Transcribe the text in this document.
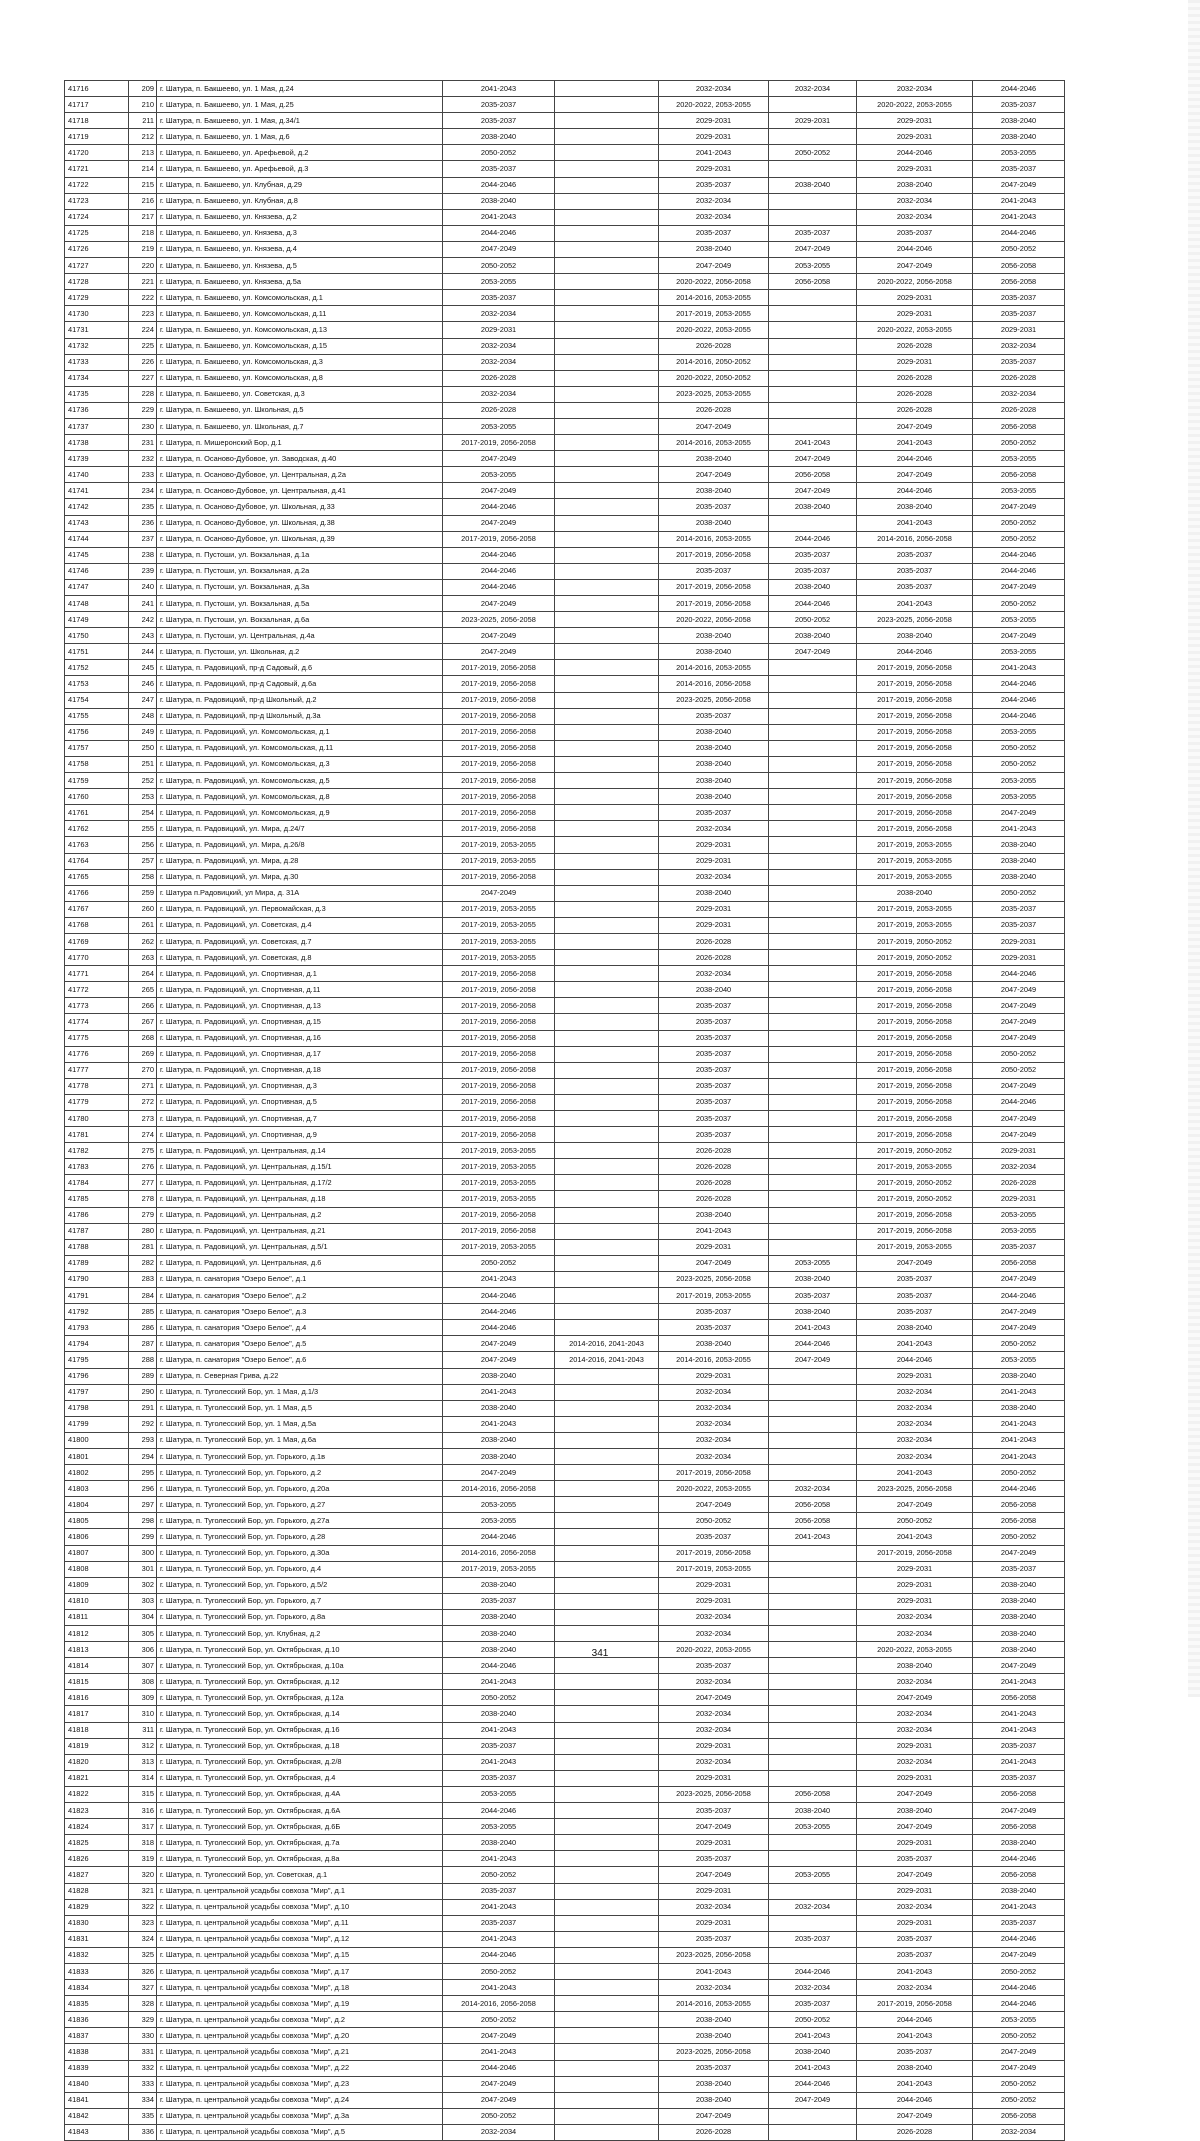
41716	209	г. Шатура, п. Бакшеево, ул. 1 Мая, д.24	2041-2043		2032-2034	2032-2034	2032-2034	2044-2046
41717	210	г. Шатура, п. Бакшеево, ул. 1 Мая, д.25	2035-2037		2020-2022, 2053-2055		2020-2022, 2053-2055	2035-2037
41718	211	г. Шатура, п. Бакшеево, ул. 1 Мая, д.34/1	2035-2037		2029-2031	2029-2031	2029-2031	2038-2040
41719	212	г. Шатура, п. Бакшеево, ул. 1 Мая, д.6	2038-2040		2029-2031		2029-2031	2038-2040
41720	213	г. Шатура, п. Бакшеево, ул. Арефьевой, д.2	2050-2052		2041-2043	2050-2052	2044-2046	2053-2055
41721	214	г. Шатура, п. Бакшеево, ул. Арефьевой, д.3	2035-2037		2029-2031		2029-2031	2035-2037
41722	215	г. Шатура, п. Бакшеево, ул. Клубная, д.29	2044-2046		2035-2037	2038-2040	2038-2040	2047-2049
41723	216	г. Шатура, п. Бакшеево, ул. Клубная, д.8	2038-2040		2032-2034		2032-2034	2041-2043
41724	217	г. Шатура, п. Бакшеево, ул. Князева, д.2	2041-2043		2032-2034		2032-2034	2041-2043
41725	218	г. Шатура, п. Бакшеево, ул. Князева, д.3	2044-2046		2035-2037	2035-2037	2035-2037	2044-2046
41726	219	г. Шатура, п. Бакшеево, ул. Князева, д.4	2047-2049		2038-2040	2047-2049	2044-2046	2050-2052
41727	220	г. Шатура, п. Бакшеево, ул. Князева, д.5	2050-2052		2047-2049	2053-2055	2047-2049	2056-2058
41728	221	г. Шатура, п. Бакшеево, ул. Князева, д.5а	2053-2055		2020-2022, 2056-2058	2056-2058	2020-2022, 2056-2058	2056-2058
41729	222	г. Шатура, п. Бакшеево, ул. Комсомольская, д.1	2035-2037		2014-2016, 2053-2055		2029-2031	2035-2037
41730	223	г. Шатура, п. Бакшеево, ул. Комсомольская, д.11	2032-2034		2017-2019, 2053-2055		2029-2031	2035-2037
41731	224	г. Шатура, п. Бакшеево, ул. Комсомольская, д.13	2029-2031		2020-2022, 2053-2055		2020-2022, 2053-2055	2029-2031
41732	225	г. Шатура, п. Бакшеево, ул. Комсомольская, д.15	2032-2034		2026-2028		2026-2028	2032-2034
41733	226	г. Шатура, п. Бакшеево, ул. Комсомольская, д.3	2032-2034		2014-2016, 2050-2052		2029-2031	2035-2037
41734	227	г. Шатура, п. Бакшеево, ул. Комсомольская, д.8	2026-2028		2020-2022, 2050-2052		2026-2028	2026-2028
41735	228	г. Шатура, п. Бакшеево, ул. Советская, д.3	2032-2034		2023-2025, 2053-2055		2026-2028	2032-2034
41736	229	г. Шатура, п. Бакшеево, ул. Школьная, д.5	2026-2028		2026-2028		2026-2028	2026-2028
41737	230	г. Шатура, п. Бакшеево, ул. Школьная, д.7	2053-2055		2047-2049		2047-2049	2056-2058
41738	231	г. Шатура, п. Мишеронский Бор, д.1	2017-2019, 2056-2058		2014-2016, 2053-2055	2041-2043	2041-2043	2050-2052
41739	232	г. Шатура, п. Осаново-Дубовое, ул. Заводская, д.40	2047-2049		2038-2040	2047-2049	2044-2046	2053-2055
41740	233	г. Шатура, п. Осаново-Дубовое, ул. Центральная, д.2а	2053-2055		2047-2049	2056-2058	2047-2049	2056-2058
41741	234	г. Шатура, п. Осаново-Дубовое, ул. Центральная, д.41	2047-2049		2038-2040	2047-2049	2044-2046	2053-2055
41742	235	г. Шатура, п. Осаново-Дубовое, ул. Школьная, д.33	2044-2046		2035-2037	2038-2040	2038-2040	2047-2049
41743	236	г. Шатура, п. Осаново-Дубовое, ул. Школьная, д.38	2047-2049		2038-2040		2041-2043	2050-2052
41744	237	г. Шатура, п. Осаново-Дубовое, ул. Школьная, д.39	2017-2019, 2056-2058		2014-2016, 2053-2055	2044-2046	2014-2016, 2056-2058	2050-2052
41745	238	г. Шатура, п. Пустоши, ул. Вокзальная, д.1а	2044-2046		2017-2019, 2056-2058	2035-2037	2035-2037	2044-2046
41746	239	г. Шатура, п. Пустоши, ул. Вокзальная, д.2а	2044-2046		2035-2037	2035-2037	2035-2037	2044-2046
41747	240	г. Шатура, п. Пустоши, ул. Вокзальная, д.3а	2044-2046		2017-2019, 2056-2058	2038-2040	2035-2037	2047-2049
41748	241	г. Шатура, п. Пустоши, ул. Вокзальная, д.5а	2047-2049		2017-2019, 2056-2058	2044-2046	2041-2043	2050-2052
41749	242	г. Шатура, п. Пустоши, ул. Вокзальная, д.6а	2023-2025, 2056-2058		2020-2022, 2056-2058	2050-2052	2023-2025, 2056-2058	2053-2055
41750	243	г. Шатура, п. Пустоши, ул. Центральная, д.4а	2047-2049		2038-2040	2038-2040	2038-2040	2047-2049
41751	244	г. Шатура, п. Пустоши, ул. Школьная, д.2	2047-2049		2038-2040	2047-2049	2044-2046	2053-2055
41752	245	г. Шатура, п. Радовицкий, пр-д Садовый, д.6	2017-2019, 2056-2058		2014-2016, 2053-2055		2017-2019, 2056-2058	2041-2043
41753	246	г. Шатура, п. Радовицкий, пр-д Садовый, д.6а	2017-2019, 2056-2058		2014-2016, 2056-2058		2017-2019, 2056-2058	2044-2046
41754	247	г. Шатура, п. Радовицкий, пр-д Школьный, д.2	2017-2019, 2056-2058		2023-2025, 2056-2058		2017-2019, 2056-2058	2044-2046
41755	248	г. Шатура, п. Радовицкий, пр-д Школьный, д.3а	2017-2019, 2056-2058		2035-2037		2017-2019, 2056-2058	2044-2046
41756	249	г. Шатура, п. Радовицкий, ул. Комсомольская, д.1	2017-2019, 2056-2058		2038-2040		2017-2019, 2056-2058	2053-2055
41757	250	г. Шатура, п. Радовицкий, ул. Комсомольская, д.11	2017-2019, 2056-2058		2038-2040		2017-2019, 2056-2058	2050-2052
41758	251	г. Шатура, п. Радовицкий, ул. Комсомольская, д.3	2017-2019, 2056-2058		2038-2040		2017-2019, 2056-2058	2050-2052
41759	252	г. Шатура, п. Радовицкий, ул. Комсомольская, д.5	2017-2019, 2056-2058		2038-2040		2017-2019, 2056-2058	2053-2055
41760	253	г. Шатура, п. Радовицкий, ул. Комсомольская, д.8	2017-2019, 2056-2058		2038-2040		2017-2019, 2056-2058	2053-2055
41761	254	г. Шатура, п. Радовицкий, ул. Комсомольская, д.9	2017-2019, 2056-2058		2035-2037		2017-2019, 2056-2058	2047-2049
41762	255	г. Шатура, п. Радовицкий, ул. Мира, д.24/7	2017-2019, 2056-2058		2032-2034		2017-2019, 2056-2058	2041-2043
41763	256	г. Шатура, п. Радовицкий, ул. Мира, д.26/8	2017-2019, 2053-2055		2029-2031		2017-2019, 2053-2055	2038-2040
41764	257	г. Шатура, п. Радовицкий, ул. Мира, д.28	2017-2019, 2053-2055		2029-2031		2017-2019, 2053-2055	2038-2040
41765	258	г. Шатура, п. Радовицкий, ул. Мира, д.30	2017-2019, 2056-2058		2032-2034		2017-2019, 2053-2055	2038-2040
41766	259	г. Шатура п.Радовицкий, ул Мира, д. 31А	2047-2049		2038-2040		2038-2040	2050-2052
41767	260	г. Шатура, п. Радовицкий, ул. Первомайская, д.3	2017-2019, 2053-2055		2029-2031		2017-2019, 2053-2055	2035-2037
41768	261	г. Шатура, п. Радовицкий, ул. Советская, д.4	2017-2019, 2053-2055		2029-2031		2017-2019, 2053-2055	2035-2037
41769	262	г. Шатура, п. Радовицкий, ул. Советская, д.7	2017-2019, 2053-2055		2026-2028		2017-2019, 2050-2052	2029-2031
41770	263	г. Шатура, п. Радовицкий, ул. Советская, д.8	2017-2019, 2053-2055		2026-2028		2017-2019, 2050-2052	2029-2031
41771	264	г. Шатура, п. Радовицкий, ул. Спортивная, д.1	2017-2019, 2056-2058		2032-2034		2017-2019, 2056-2058	2044-2046
41772	265	г. Шатура, п. Радовицкий, ул. Спортивная, д.11	2017-2019, 2056-2058		2038-2040		2017-2019, 2056-2058	2047-2049
41773	266	г. Шатура, п. Радовицкий, ул. Спортивная, д.13	2017-2019, 2056-2058		2035-2037		2017-2019, 2056-2058	2047-2049
41774	267	г. Шатура, п. Радовицкий, ул. Спортивная, д.15	2017-2019, 2056-2058		2035-2037		2017-2019, 2056-2058	2047-2049
41775	268	г. Шатура, п. Радовицкий, ул. Спортивная, д.16	2017-2019, 2056-2058		2035-2037		2017-2019, 2056-2058	2047-2049
41776	269	г. Шатура, п. Радовицкий, ул. Спортивная, д.17	2017-2019, 2056-2058		2035-2037		2017-2019, 2056-2058	2050-2052
41777	270	г. Шатура, п. Радовицкий, ул. Спортивная, д.18	2017-2019, 2056-2058		2035-2037		2017-2019, 2056-2058	2050-2052
41778	271	г. Шатура, п. Радовицкий, ул. Спортивная, д.3	2017-2019, 2056-2058		2035-2037		2017-2019, 2056-2058	2047-2049
41779	272	г. Шатура, п. Радовицкий, ул. Спортивная, д.5	2017-2019, 2056-2058		2035-2037		2017-2019, 2056-2058	2044-2046
41780	273	г. Шатура, п. Радовицкий, ул. Спортивная, д.7	2017-2019, 2056-2058		2035-2037		2017-2019, 2056-2058	2047-2049
41781	274	г. Шатура, п. Радовицкий, ул. Спортивная, д.9	2017-2019, 2056-2058		2035-2037		2017-2019, 2056-2058	2047-2049
41782	275	г. Шатура, п. Радовицкий, ул. Центральная, д.14	2017-2019, 2053-2055		2026-2028		2017-2019, 2050-2052	2029-2031
41783	276	г. Шатура, п. Радовицкий, ул. Центральная, д.15/1	2017-2019, 2053-2055		2026-2028		2017-2019, 2053-2055	2032-2034
41784	277	г. Шатура, п. Радовицкий, ул. Центральная, д.17/2	2017-2019, 2053-2055		2026-2028		2017-2019, 2050-2052	2026-2028
41785	278	г. Шатура, п. Радовицкий, ул. Центральная, д.18	2017-2019, 2053-2055		2026-2028		2017-2019, 2050-2052	2029-2031
41786	279	г. Шатура, п. Радовицкий, ул. Центральная, д.2	2017-2019, 2056-2058		2038-2040		2017-2019, 2056-2058	2053-2055
41787	280	г. Шатура, п. Радовицкий, ул. Центральная, д.21	2017-2019, 2056-2058		2041-2043		2017-2019, 2056-2058	2053-2055
41788	281	г. Шатура, п. Радовицкий, ул. Центральная, д.5/1	2017-2019, 2053-2055		2029-2031		2017-2019, 2053-2055	2035-2037
41789	282	г. Шатура, п. Радовицкий, ул. Центральная, д.6	2050-2052		2047-2049	2053-2055	2047-2049	2056-2058
41790	283	г. Шатура, п. санатория "Озеро Белое", д.1	2041-2043		2023-2025, 2056-2058	2038-2040	2035-2037	2047-2049
41791	284	г. Шатура, п. санатория "Озеро Белое", д.2	2044-2046		2017-2019, 2053-2055	2035-2037	2035-2037	2044-2046
41792	285	г. Шатура, п. санатория "Озеро Белое", д.3	2044-2046		2035-2037	2038-2040	2035-2037	2047-2049
41793	286	г. Шатура, п. санатория "Озеро Белое", д.4	2044-2046		2035-2037	2041-2043	2038-2040	2047-2049
41794	287	г. Шатура, п. санатория "Озеро Белое", д.5	2047-2049	2014-2016, 2041-2043	2038-2040	2044-2046	2041-2043	2050-2052
41795	288	г. Шатура, п. санатория "Озеро Белое", д.6	2047-2049	2014-2016, 2041-2043	2014-2016, 2053-2055	2047-2049	2044-2046	2053-2055
41796	289	г. Шатура, п. Северная Грива, д.22	2038-2040		2029-2031		2029-2031	2038-2040
41797	290	г. Шатура, п. Туголесский Бор, ул. 1 Мая, д.1/3	2041-2043		2032-2034		2032-2034	2041-2043
41798	291	г. Шатура, п. Туголесский Бор, ул. 1 Мая, д.5	2038-2040		2032-2034		2032-2034	2038-2040
41799	292	г. Шатура, п. Туголесский Бор, ул. 1 Мая, д.5а	2041-2043		2032-2034		2032-2034	2041-2043
41800	293	г. Шатура, п. Туголесский Бор, ул. 1 Мая, д.6а	2038-2040		2032-2034		2032-2034	2041-2043
41801	294	г. Шатура, п. Туголесский Бор, ул. Горького, д.1в	2038-2040		2032-2034		2032-2034	2041-2043
41802	295	г. Шатура, п. Туголесский Бор, ул. Горького, д.2	2047-2049		2017-2019, 2056-2058		2041-2043	2050-2052
41803	296	г. Шатура, п. Туголесский Бор, ул. Горького, д.20а	2014-2016, 2056-2058		2020-2022, 2053-2055	2032-2034	2023-2025, 2056-2058	2044-2046
41804	297	г. Шатура, п. Туголесский Бор, ул. Горького, д.27	2053-2055		2047-2049	2056-2058	2047-2049	2056-2058
41805	298	г. Шатура, п. Туголесский Бор, ул. Горького, д.27а	2053-2055		2050-2052	2056-2058	2050-2052	2056-2058
41806	299	г. Шатура, п. Туголесский Бор, ул. Горького, д.28	2044-2046		2035-2037	2041-2043	2041-2043	2050-2052
41807	300	г. Шатура, п. Туголесский Бор, ул. Горького, д.30а	2014-2016, 2056-2058		2017-2019, 2056-2058		2017-2019, 2056-2058	2047-2049
41808	301	г. Шатура, п. Туголесский Бор, ул. Горького, д.4	2017-2019, 2053-2055		2017-2019, 2053-2055		2029-2031	2035-2037
41809	302	г. Шатура, п. Туголесский Бор, ул. Горького, д.5/2	2038-2040		2029-2031		2029-2031	2038-2040
41810	303	г. Шатура, п. Туголесский Бор, ул. Горького, д.7	2035-2037		2029-2031		2029-2031	2038-2040
41811	304	г. Шатура, п. Туголесский Бор, ул. Горького, д.8а	2038-2040		2032-2034		2032-2034	2038-2040
41812	305	г. Шатура, п. Туголесский Бор, ул. Клубная, д.2	2038-2040		2032-2034		2032-2034	2038-2040
41813	306	г. Шатура, п. Туголесский Бор, ул. Октябрьская, д.10	2038-2040		2020-2022, 2053-2055		2020-2022, 2053-2055	2038-2040
41814	307	г. Шатура, п. Туголесский Бор, ул. Октябрьская, д.10а	2044-2046		2035-2037		2038-2040	2047-2049
41815	308	г. Шатура, п. Туголесский Бор, ул. Октябрьская, д.12	2041-2043		2032-2034		2032-2034	2041-2043
41816	309	г. Шатура, п. Туголесский Бор, ул. Октябрьская, д.12а	2050-2052		2047-2049		2047-2049	2056-2058
41817	310	г. Шатура, п. Туголесский Бор, ул. Октябрьская, д.14	2038-2040		2032-2034		2032-2034	2041-2043
41818	311	г. Шатура, п. Туголесский Бор, ул. Октябрьская, д.16	2041-2043		2032-2034		2032-2034	2041-2043
41819	312	г. Шатура, п. Туголесский Бор, ул. Октябрьская, д.18	2035-2037		2029-2031		2029-2031	2035-2037
41820	313	г. Шатура, п. Туголесский Бор, ул. Октябрьская, д.2/8	2041-2043		2032-2034		2032-2034	2041-2043
41821	314	г. Шатура, п. Туголесский Бор, ул. Октябрьская, д.4	2035-2037		2029-2031		2029-2031	2035-2037
41822	315	г. Шатура, п. Туголесский Бор, ул. Октябрьская, д.4А	2053-2055		2023-2025, 2056-2058	2056-2058	2047-2049	2056-2058
41823	316	г. Шатура, п. Туголесский Бор, ул. Октябрьская, д.6А	2044-2046		2035-2037	2038-2040	2038-2040	2047-2049
41824	317	г. Шатура, п. Туголесский Бор, ул. Октябрьская, д.6Б	2053-2055		2047-2049	2053-2055	2047-2049	2056-2058
41825	318	г. Шатура, п. Туголесский Бор, ул. Октябрьская, д.7а	2038-2040		2029-2031		2029-2031	2038-2040
41826	319	г. Шатура, п. Туголесский Бор, ул. Октябрьская, д.8а	2041-2043		2035-2037		2035-2037	2044-2046
41827	320	г. Шатура, п. Туголесский Бор, ул. Советская, д.1	2050-2052		2047-2049	2053-2055	2047-2049	2056-2058
41828	321	г. Шатура, п. центральной усадьбы совхоза "Мир", д.1	2035-2037		2029-2031		2029-2031	2038-2040
41829	322	г. Шатура, п. центральной усадьбы совхоза "Мир", д.10	2041-2043		2032-2034	2032-2034	2032-2034	2041-2043
41830	323	г. Шатура, п. центральной усадьбы совхоза "Мир", д.11	2035-2037		2029-2031		2029-2031	2035-2037
41831	324	г. Шатура, п. центральной усадьбы совхоза "Мир", д.12	2041-2043		2035-2037	2035-2037	2035-2037	2044-2046
41832	325	г. Шатура, п. центральной усадьбы совхоза "Мир", д.15	2044-2046		2023-2025, 2056-2058		2035-2037	2047-2049
41833	326	г. Шатура, п. центральной усадьбы совхоза "Мир", д.17	2050-2052		2041-2043	2044-2046	2041-2043	2050-2052
41834	327	г. Шатура, п. центральной усадьбы совхоза "Мир", д.18	2041-2043		2032-2034	2032-2034	2032-2034	2044-2046
41835	328	г. Шатура, п. центральной усадьбы совхоза "Мир", д.19	2014-2016, 2056-2058		2014-2016, 2053-2055	2035-2037	2017-2019, 2056-2058	2044-2046
41836	329	г. Шатура, п. центральной усадьбы совхоза "Мир", д.2	2050-2052		2038-2040	2050-2052	2044-2046	2053-2055
41837	330	г. Шатура, п. центральной усадьбы совхоза "Мир", д.20	2047-2049		2038-2040	2041-2043	2041-2043	2050-2052
41838	331	г. Шатура, п. центральной усадьбы совхоза "Мир", д.21	2041-2043		2023-2025, 2056-2058	2038-2040	2035-2037	2047-2049
41839	332	г. Шатура, п. центральной усадьбы совхоза "Мир", д.22	2044-2046		2035-2037	2041-2043	2038-2040	2047-2049
41840	333	г. Шатура, п. центральной усадьбы совхоза "Мир", д.23	2047-2049		2038-2040	2044-2046	2041-2043	2050-2052
41841	334	г. Шатура, п. центральной усадьбы совхоза "Мир", д.24	2047-2049		2038-2040	2047-2049	2044-2046	2050-2052
41842	335	г. Шатура, п. центральной усадьбы совхоза "Мир", д.3а	2050-2052		2047-2049		2047-2049	2056-2058
41843	336	г. Шатура, п. центральной усадьбы совхоза "Мир", д.5	2032-2034		2026-2028		2026-2028	2032-2034
341
